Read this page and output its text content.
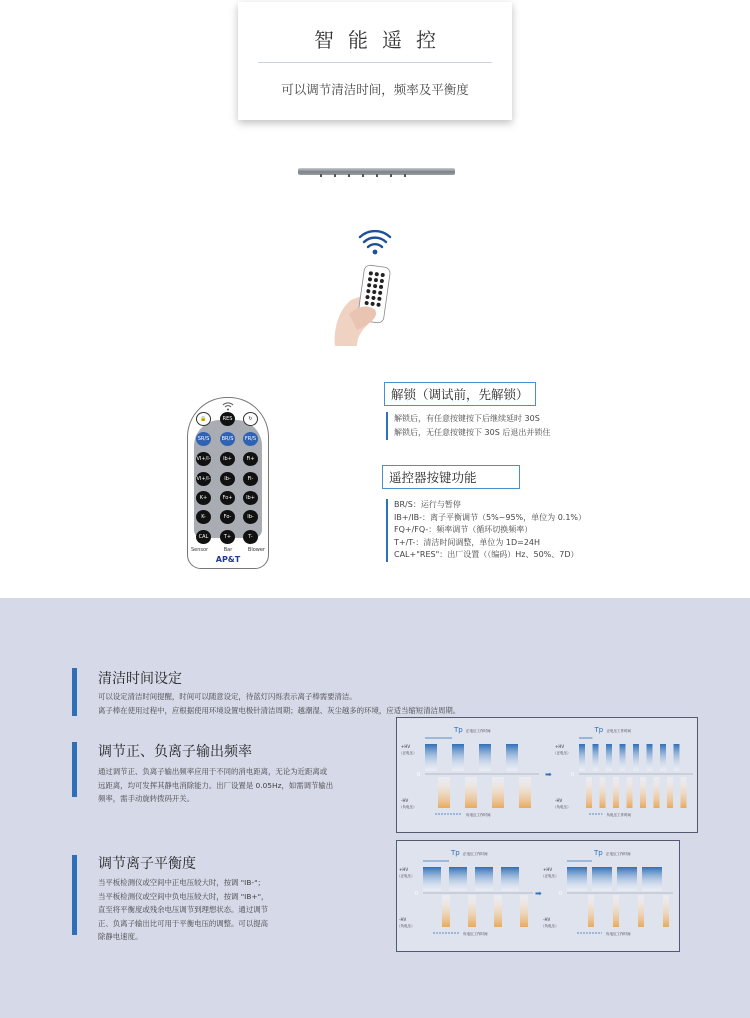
智能遥控
可以调节清洁时间，频率及平衡度
🔒	RES	↻
SR/S	BR/S	FR/S
VI+/I-	Ib+	Fi+
VI+/I-	Ib-	Fi-
K+	Fo+	Ib+
K-	Fo-	Ib-
CAL	T+	T-
Sensor	Bar	Blower
AP&T
解锁（调试前，先解锁）
解锁后，有任意按键按下后继续延时 30S
解锁后，无任意按键按下 30S 后退出并锁住
遥控器按键功能
BR/S：运行与暂停
IB+/IB-：离子平衡调节（5%~95%，单位为 0.1%）
FQ+/FQ-：频率调节（循环切换频率）
T+/T-：清洁时间调整，单位为 1D=24H
CAL+"RES"：出厂设置（（编码）Hz、50%、7D）
清洁时间设定
可以设定清洁时间提醒，时间可以随意设定，待蓝灯闪烁表示离子棒需要清洁。
离子棒在使用过程中，应根据使用环境设置电极针清洁周期；越潮湿、灰尘越多的环境，应适当缩短清洁周期。
调节正、负离子输出频率
通过调节正、负离子输出频率应用于不同的消电距离，无论为近距离或
远距离，均可发挥其静电消除能力。出厂设置是 0.05Hz，如需调节输出
频率，需手动旋转拨码开关。
调节离子平衡度
当平板检测仪或空间中正电压较大时，按调 "IB-"；
当平板检测仪或空间中负电压较大时，按调 "IB+"，
直至将平衡度或残余电压调节到理想状态。通过调节
正、负离子输出比可用于平衡电压的调整。可以提高
除静电速度。
+HV
（正电压）
0
-HV
（负电压）
Tp 正电压工作时间
负电压工作时间
➡
+HV
（正电压）
0
-HV
（负电压）
Tp 正电压工作时间
负电压工作时间
+HV
（正电压）
0
-HV
（负电压）
Tp 正电压工作时间
负电压工作时间
➡
+HV
（正电压）
0
-HV
（负电压）
Tp 正电压工作时间
负电压工作时间
